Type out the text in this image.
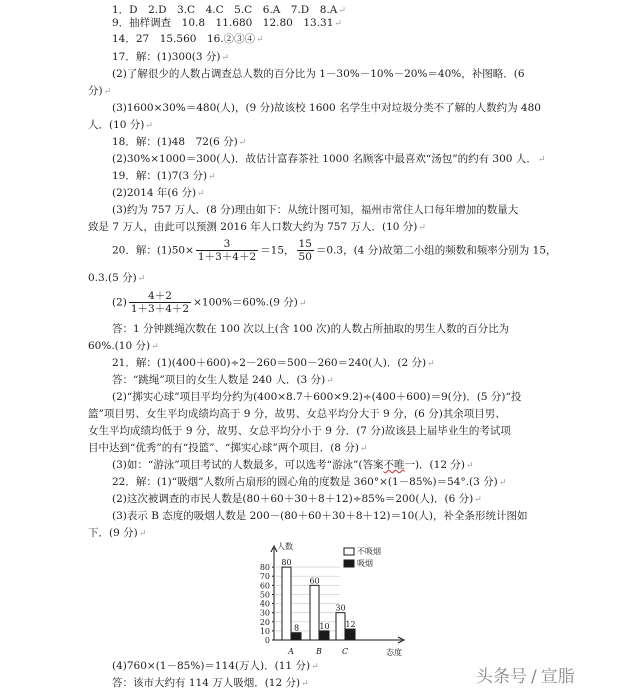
1．D　2.D　3.C　4.C　5.C　6.A　7.D　8.A↵
9．抽样调查　10.8　11.680　12.80　13.31↵
14．27　15.560　16.②③④↵
17．解：(1)300(3 分)↵
(2)了解很少的人数占调查总人数的百分比为 1－30%－10%－20%＝40%，补图略．(6
分)↵
(3)1600×30%＝480(人)，(9 分)故该校 1600 名学生中对垃圾分类不了解的人数约为 480
人．(10 分)↵
18．解：(1)48　72(6 分)↵
(2)30%×1000＝300(人)．故估计富春茶社 1000 名顾客中最喜欢“汤包”的约有 300 人．↵
19．解：(1)7(3 分)↵
(2)2014 年(6 分)↵
(3)约为 757 万人．(8 分)理由如下：从统计图可知，福州市常住人口每年增加的数量大
致是 7 万人，由此可以预测 2016 年人口数大约为 757 万人．(10 分)↵
20．解：$(1)50\times \frac{3}{1+3+4+2} =15$， $\frac{15}{50} =0.3$，(4 分)故第二小组的频数和频率分别为 15，
0.3.(5 分)↵
$(2) \frac{4+2}{1+3+4+2} \times 100\%=60\%.(9$ 分)↵
答：1 分钟跳绳次数在 100 次以上(含 100 次)的人数占所抽取的男生人数的百分比为
60%.(10 分)↵
21．解：(1)(400＋600)÷2－260＝500－260＝240(人)．(2 分)↵
答：“跳绳”项目的女生人数是 240 人．(3 分)↵
(2)“掷实心球”项目平均分约为(400×8.7＋600×9.2)÷(400＋600)＝9(分)．(5 分)“投
篮”项目男、女生平均成绩均高于 9 分，故男、女总平均分大于 9 分，(6 分)其余项目男、
女生平均成绩均低于 9 分，故男、女总平均分小于 9 分．(7 分)故该县上届毕业生的考试项
目中达到“优秀”的有“投篮”、“掷实心球”两个项目．(8 分)↵
(3)如：“游泳”项目考试的人数最多，可以选考“游泳”(答案不唯一)．(12 分)↵
22．解：(1)“吸烟”人数所占扇形的圆心角的度数是 360°×(1－85%)＝54°.(3 分)↵
(2)这次被调查的市民人数是(80＋60＋30＋8＋12)÷85%＝200(人)．(6 分)↵
(3)表示 B 态度的吸烟人数是 200－(80＋60＋30＋8＋12)＝10(人)，补全条形统计图如
下．(9 分)↵
0
10
20
30
40
50
60
70
80
人数
态度
80
8
A
60
10
B
30
12
C
不吸烟
吸烟
(4)760×(1－85%)＝114(万人)．(11 分)↵
答：该市大约有 114 万人吸烟．(12 分)↵	头条号 / 宣脂
